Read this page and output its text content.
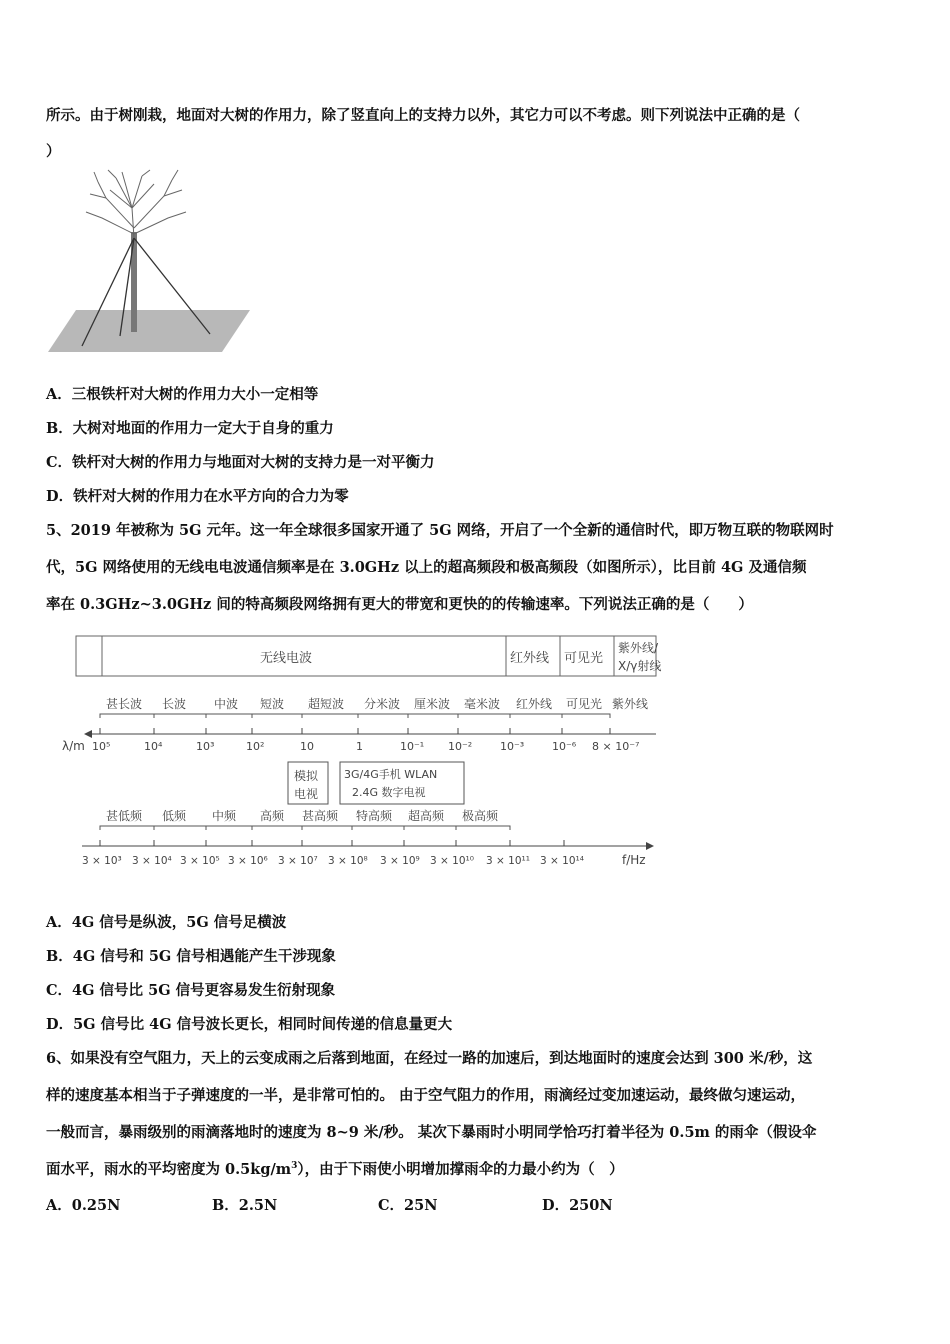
所示。由于树刚栽，地面对大树的作用力，除了竖直向上的支持力以外，其它力可以不考虑。则下列说法中正确的是（
）
A．三根铁杆对大树的作用力大小一定相等
B．大树对地面的作用力一定大于自身的重力
C．铁杆对大树的作用力与地面对大树的支持力是一对平衡力
D．铁杆对大树的作用力在水平方向的合力为零
5、2019 年被称为 5G 元年。这一年全球很多国家开通了 5G 网络，开启了一个全新的通信时代，即万物互联的物联网时
代，5G 网络使用的无线电电波通信频率是在 3.0GHz 以上的超高频段和极高频段（如图所示），比目前 4G 及通信频
率在 0.3GHz~3.0GHz 间的特高频段网络拥有更大的带宽和更快的的传输速率。下列说法正确的是（　　）
无线电波	红外线 可见光
紫外线/
X/γ射线
甚长波 长波 中波 短波 超短波 分米波 厘米波 毫米波 红外线 可见光 紫外线
λ/m 10⁵	10⁴	10³	10²	10	1	10⁻¹ 10⁻²	10⁻³	10⁻⁶ 8 × 10⁻⁷
模拟
电视
3G/4G手机 WLAN
2.4G 数字电视
甚低频 低频 中频 高频 甚高频 特高频 超高频 极高频
3 × 10³ 3 × 10⁴ 3 × 10⁵ 3 × 10⁶ 3 × 10⁷ 3 × 10⁸ 3 × 10⁹ 3 × 10¹⁰ 3 × 10¹¹ 3 × 10¹⁴	f/Hz
A．4G 信号是纵波，5G 信号足横波
B．4G 信号和 5G 信号相遇能产生干涉现象
C．4G 信号比 5G 信号更容易发生衍射现象
D．5G 信号比 4G 信号波长更长，相同时间传递的信息量更大
6、如果没有空气阻力，天上的云变成雨之后落到地面，在经过一路的加速后，到达地面时的速度会达到 300 米/秒，这
样的速度基本相当于子弹速度的一半，是非常可怕的。 由于空气阻力的作用，雨滴经过变加速运动，最终做匀速运动，
一般而言，暴雨级别的雨滴落地时的速度为 8~9 米/秒。 某次下暴雨时小明同学恰巧打着半径为 0.5m 的雨伞（假设伞
面水平，雨水的平均密度为 $0.5kg/m^3$），由于下雨使小明增加撑雨伞的力最小约为（　）
A．0.25N	B．2.5N	C．25N	D．250N
